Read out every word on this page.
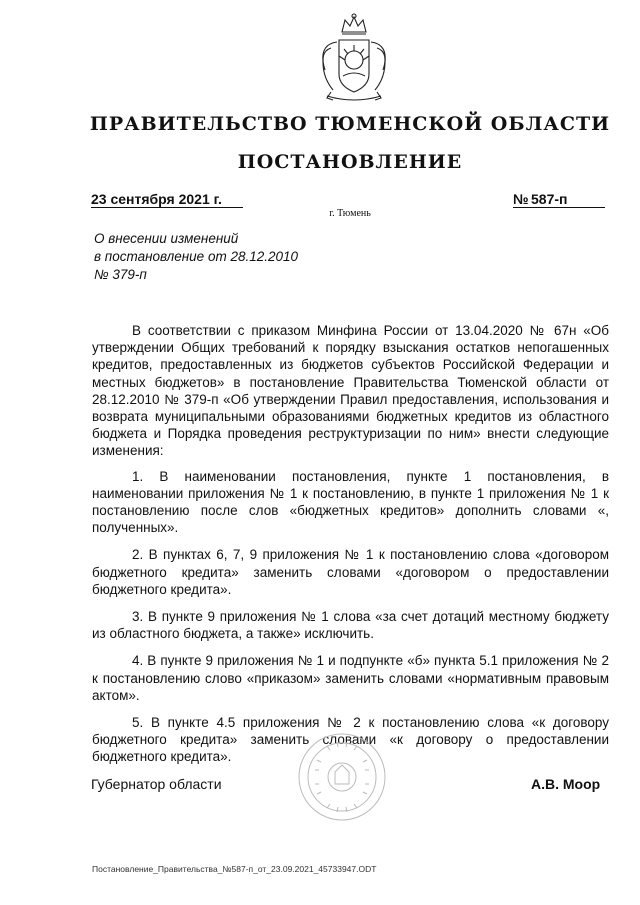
ПРАВИТЕЛЬСТВО ТЮМЕНСКОЙ ОБЛАСТИ
ПОСТАНОВЛЕНИЕ
23 сентября 2021 г.	№ 587-п
г. Тюмень
О внесении изменений
в постановление от 28.12.2010
№ 379-п

В соответствии с приказом Минфина России от 13.04.2020 № 67н «Об утверждении Общих требований к порядку взыскания остатков непогашенных кредитов, предоставленных из бюджетов субъектов Российской Федерации и местных бюджетов» в постановление Правительства Тюменской области от 28.12.2010 № 379-п «Об утверждении Правил предоставления, использования и возврата муниципальными образованиями бюджетных кредитов из областного бюджета и Порядка проведения реструктуризации по ним» внести следующие изменения:

1. В наименовании постановления, пункте 1 постановления, в наименовании приложения № 1 к постановлению, в пункте 1 приложения № 1 к постановлению после слов «бюджетных кредитов» дополнить словами «, полученных».

2. В пунктах 6, 7, 9 приложения № 1 к постановлению слова «договором бюджетного кредита» заменить словами «договором о предоставлении бюджетного кредита».

3. В пункте 9 приложения № 1 слова «за счет дотаций местному бюджету из областного бюджета, а также» исключить.

4. В пункте 9 приложения № 1 и подпункте «б» пункта 5.1 приложения № 2 к постановлению слово «приказом» заменить словами «нормативным правовым актом».

5. В пункте 4.5 приложения № 2 к постановлению слова «к договору бюджетного кредита» заменить словами «к договору о предоставлении бюджетного кредита».

Губернатор области	А.В. Моор
Постановление_Правительства_№587-п_от_23.09.2021_45733947.ODT
